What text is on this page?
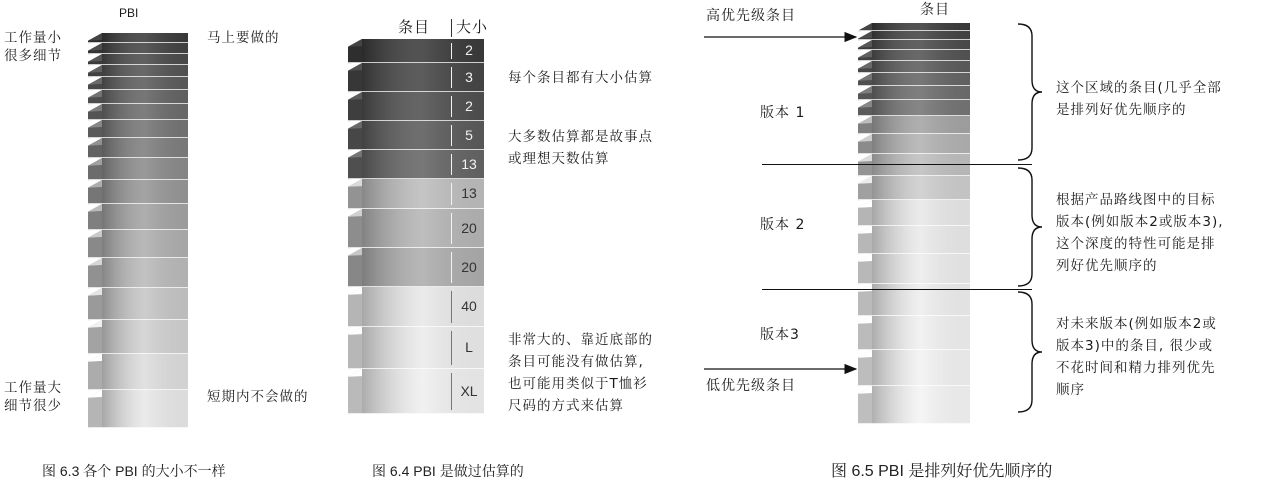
PBI
工作量小
很多细节
马上要做的
工作量大
细节很少
短期内不会做的
图 6.3 各个 PBI 的大小不一样
条目 大小
2
3
2
5
13
13
20
20
40
L
XL
每个条目都有大小估算
大多数估算都是故事点
或理想天数估算
非常大的、靠近底部的
条目可能没有做估算,
也可能用类似于T恤衫
尺码的方式来估算
图 6.4 PBI 是做过估算的
高优先级条目	条目
低优先级条目
版本 1
版本 2
版本3
这个区域的条目(几乎全部
是排列好优先顺序的
根据产品路线图中的目标
版本(例如版本2或版本3),
这个深度的特性可能是排
列好优先顺序的
对未来版本(例如版本2或
版本3)中的条目, 很少或
不花时间和精力排列优先
顺序
图 6.5 PBI 是排列好优先顺序的
